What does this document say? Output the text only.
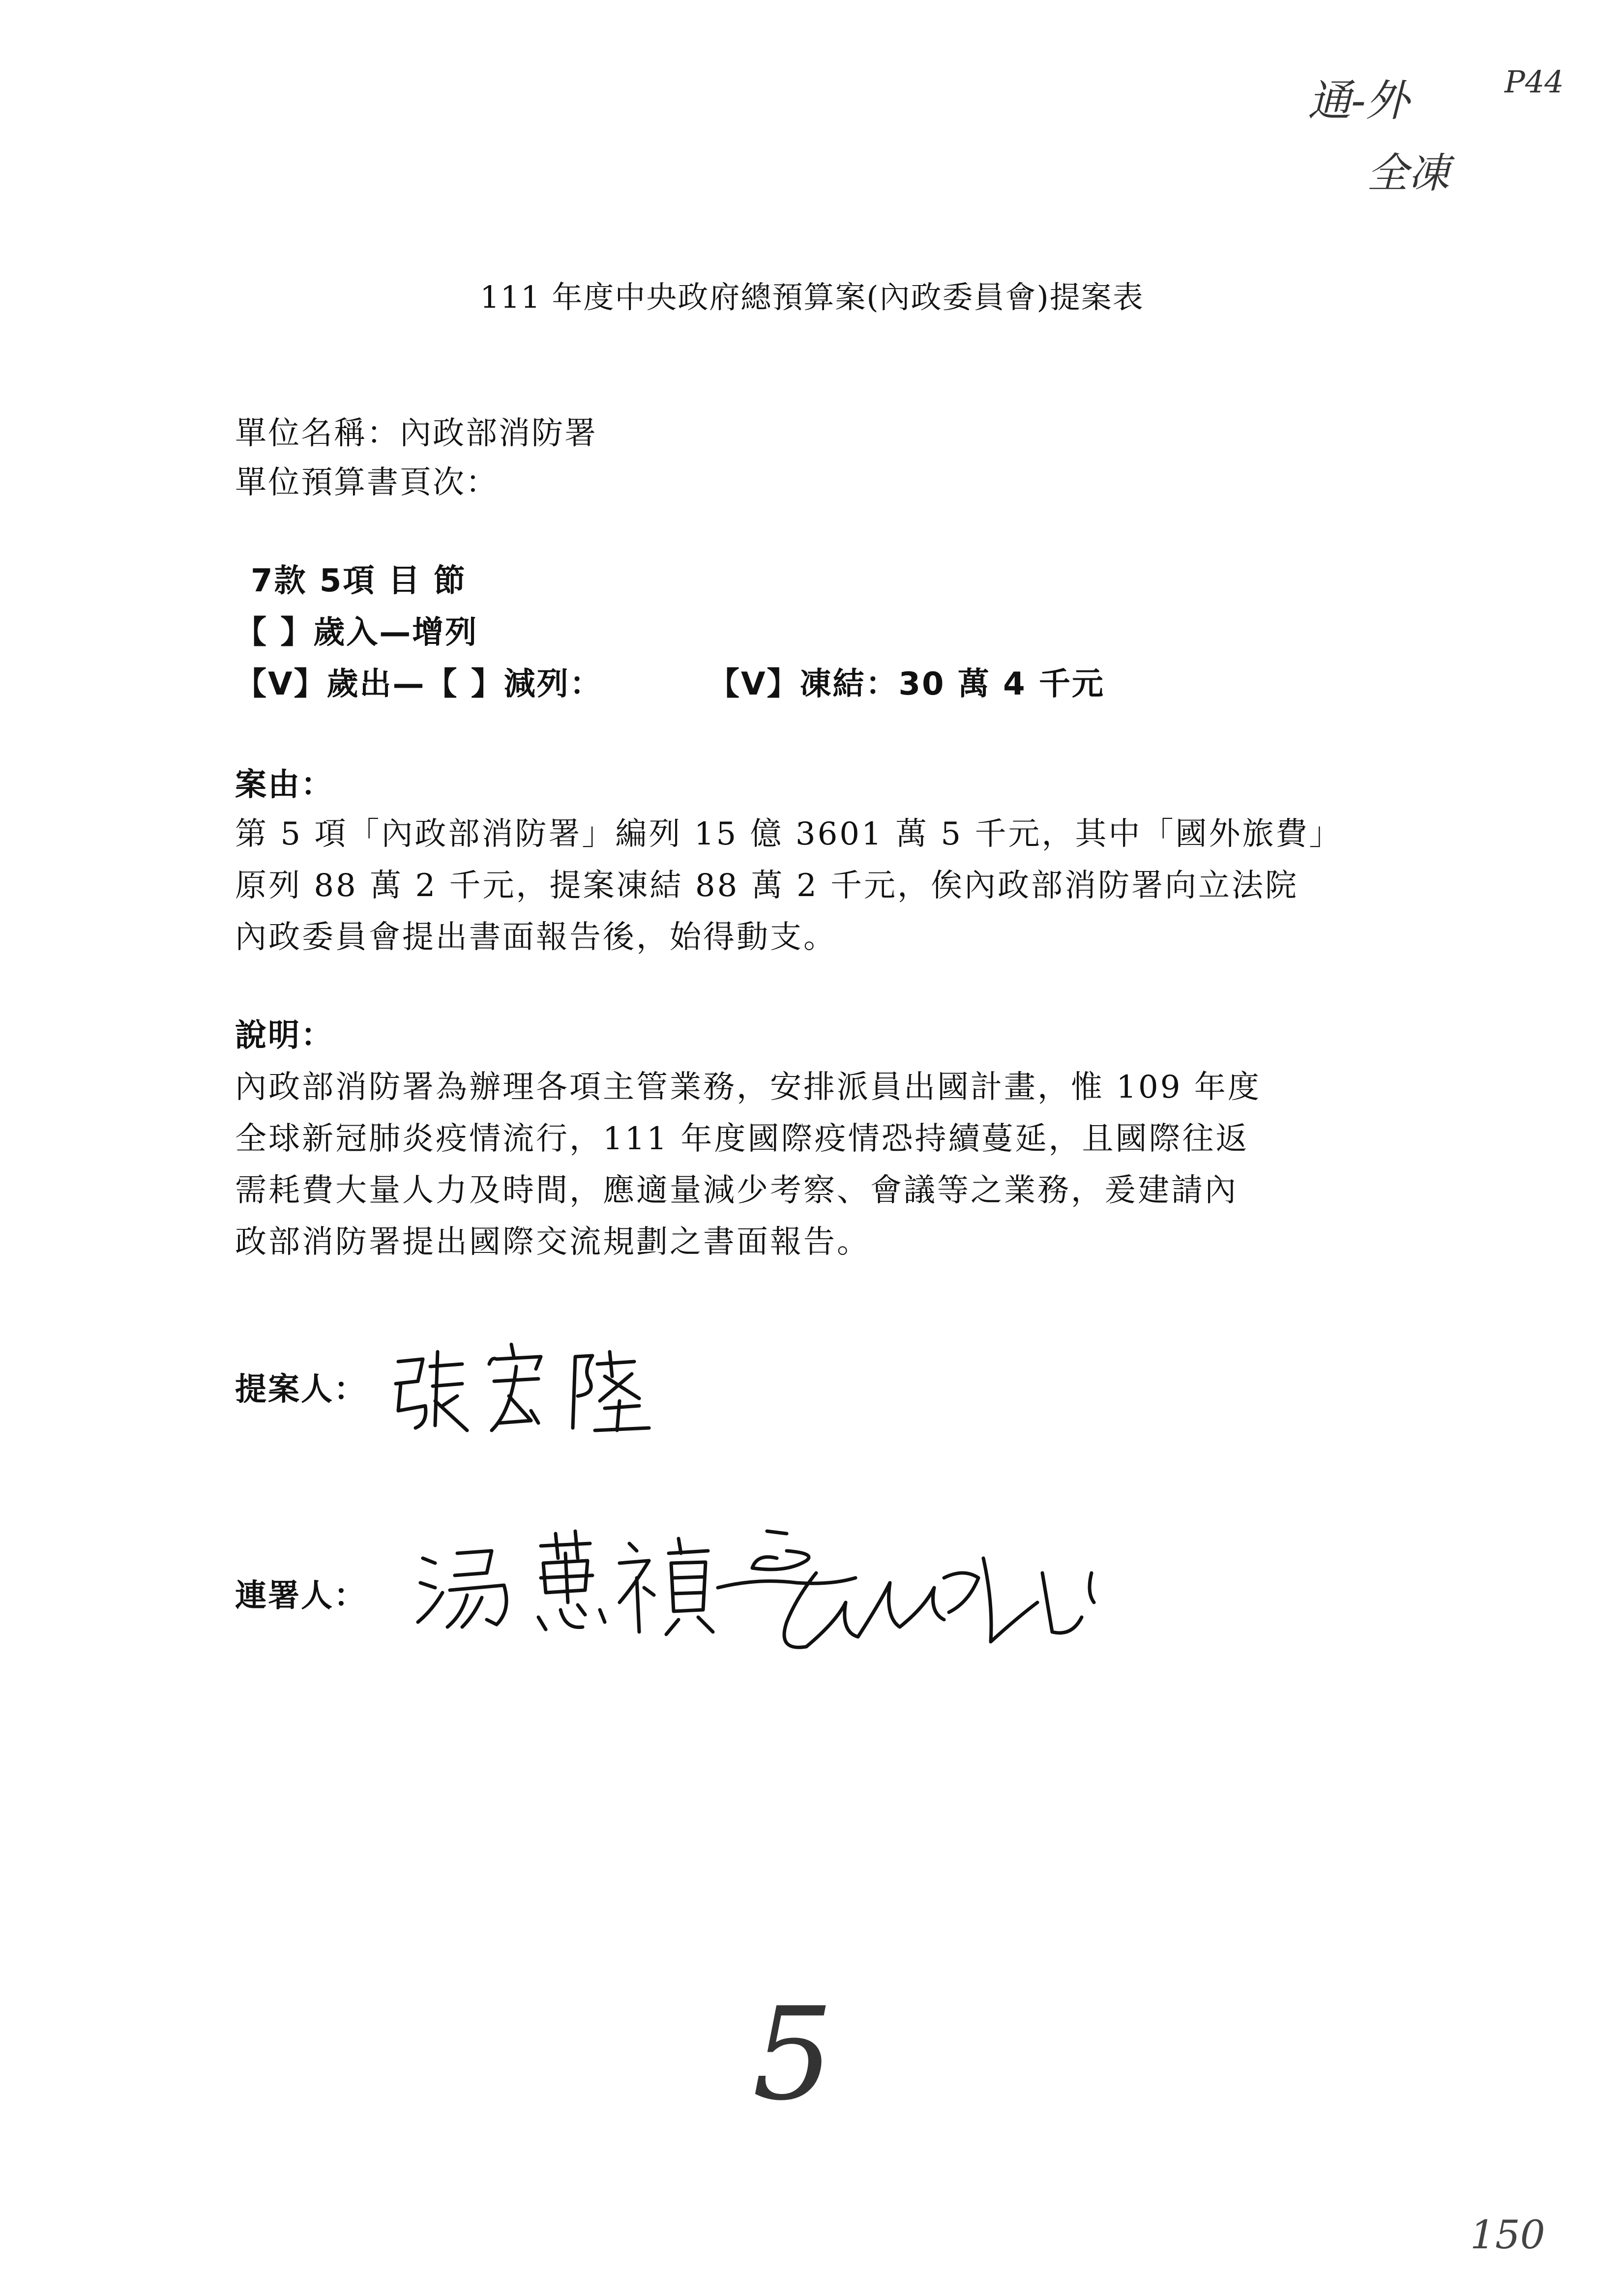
通-外	P44
全凍
111 年度中央政府總預算案(內政委員會)提案表
單位名稱：內政部消防署
單位預算書頁次：
7款 5項 目 節
【 】歲入—增列
【V】歲出—【 】減列：	【V】凍結：30 萬 4 千元
案由：
第 5 項「內政部消防署」編列 15 億 3601 萬 5 千元，其中「國外旅費」
原列 88 萬 2 千元，提案凍結 88 萬 2 千元，俟內政部消防署向立法院
內政委員會提出書面報告後，始得動支。
說明：
內政部消防署為辦理各項主管業務，安排派員出國計畫，惟 109 年度
全球新冠肺炎疫情流行，111 年度國際疫情恐持續蔓延，且國際往返
需耗費大量人力及時間，應適量減少考察、會議等之業務，爰建請內
政部消防署提出國際交流規劃之書面報告。
提案人：
連署人：
5
150
